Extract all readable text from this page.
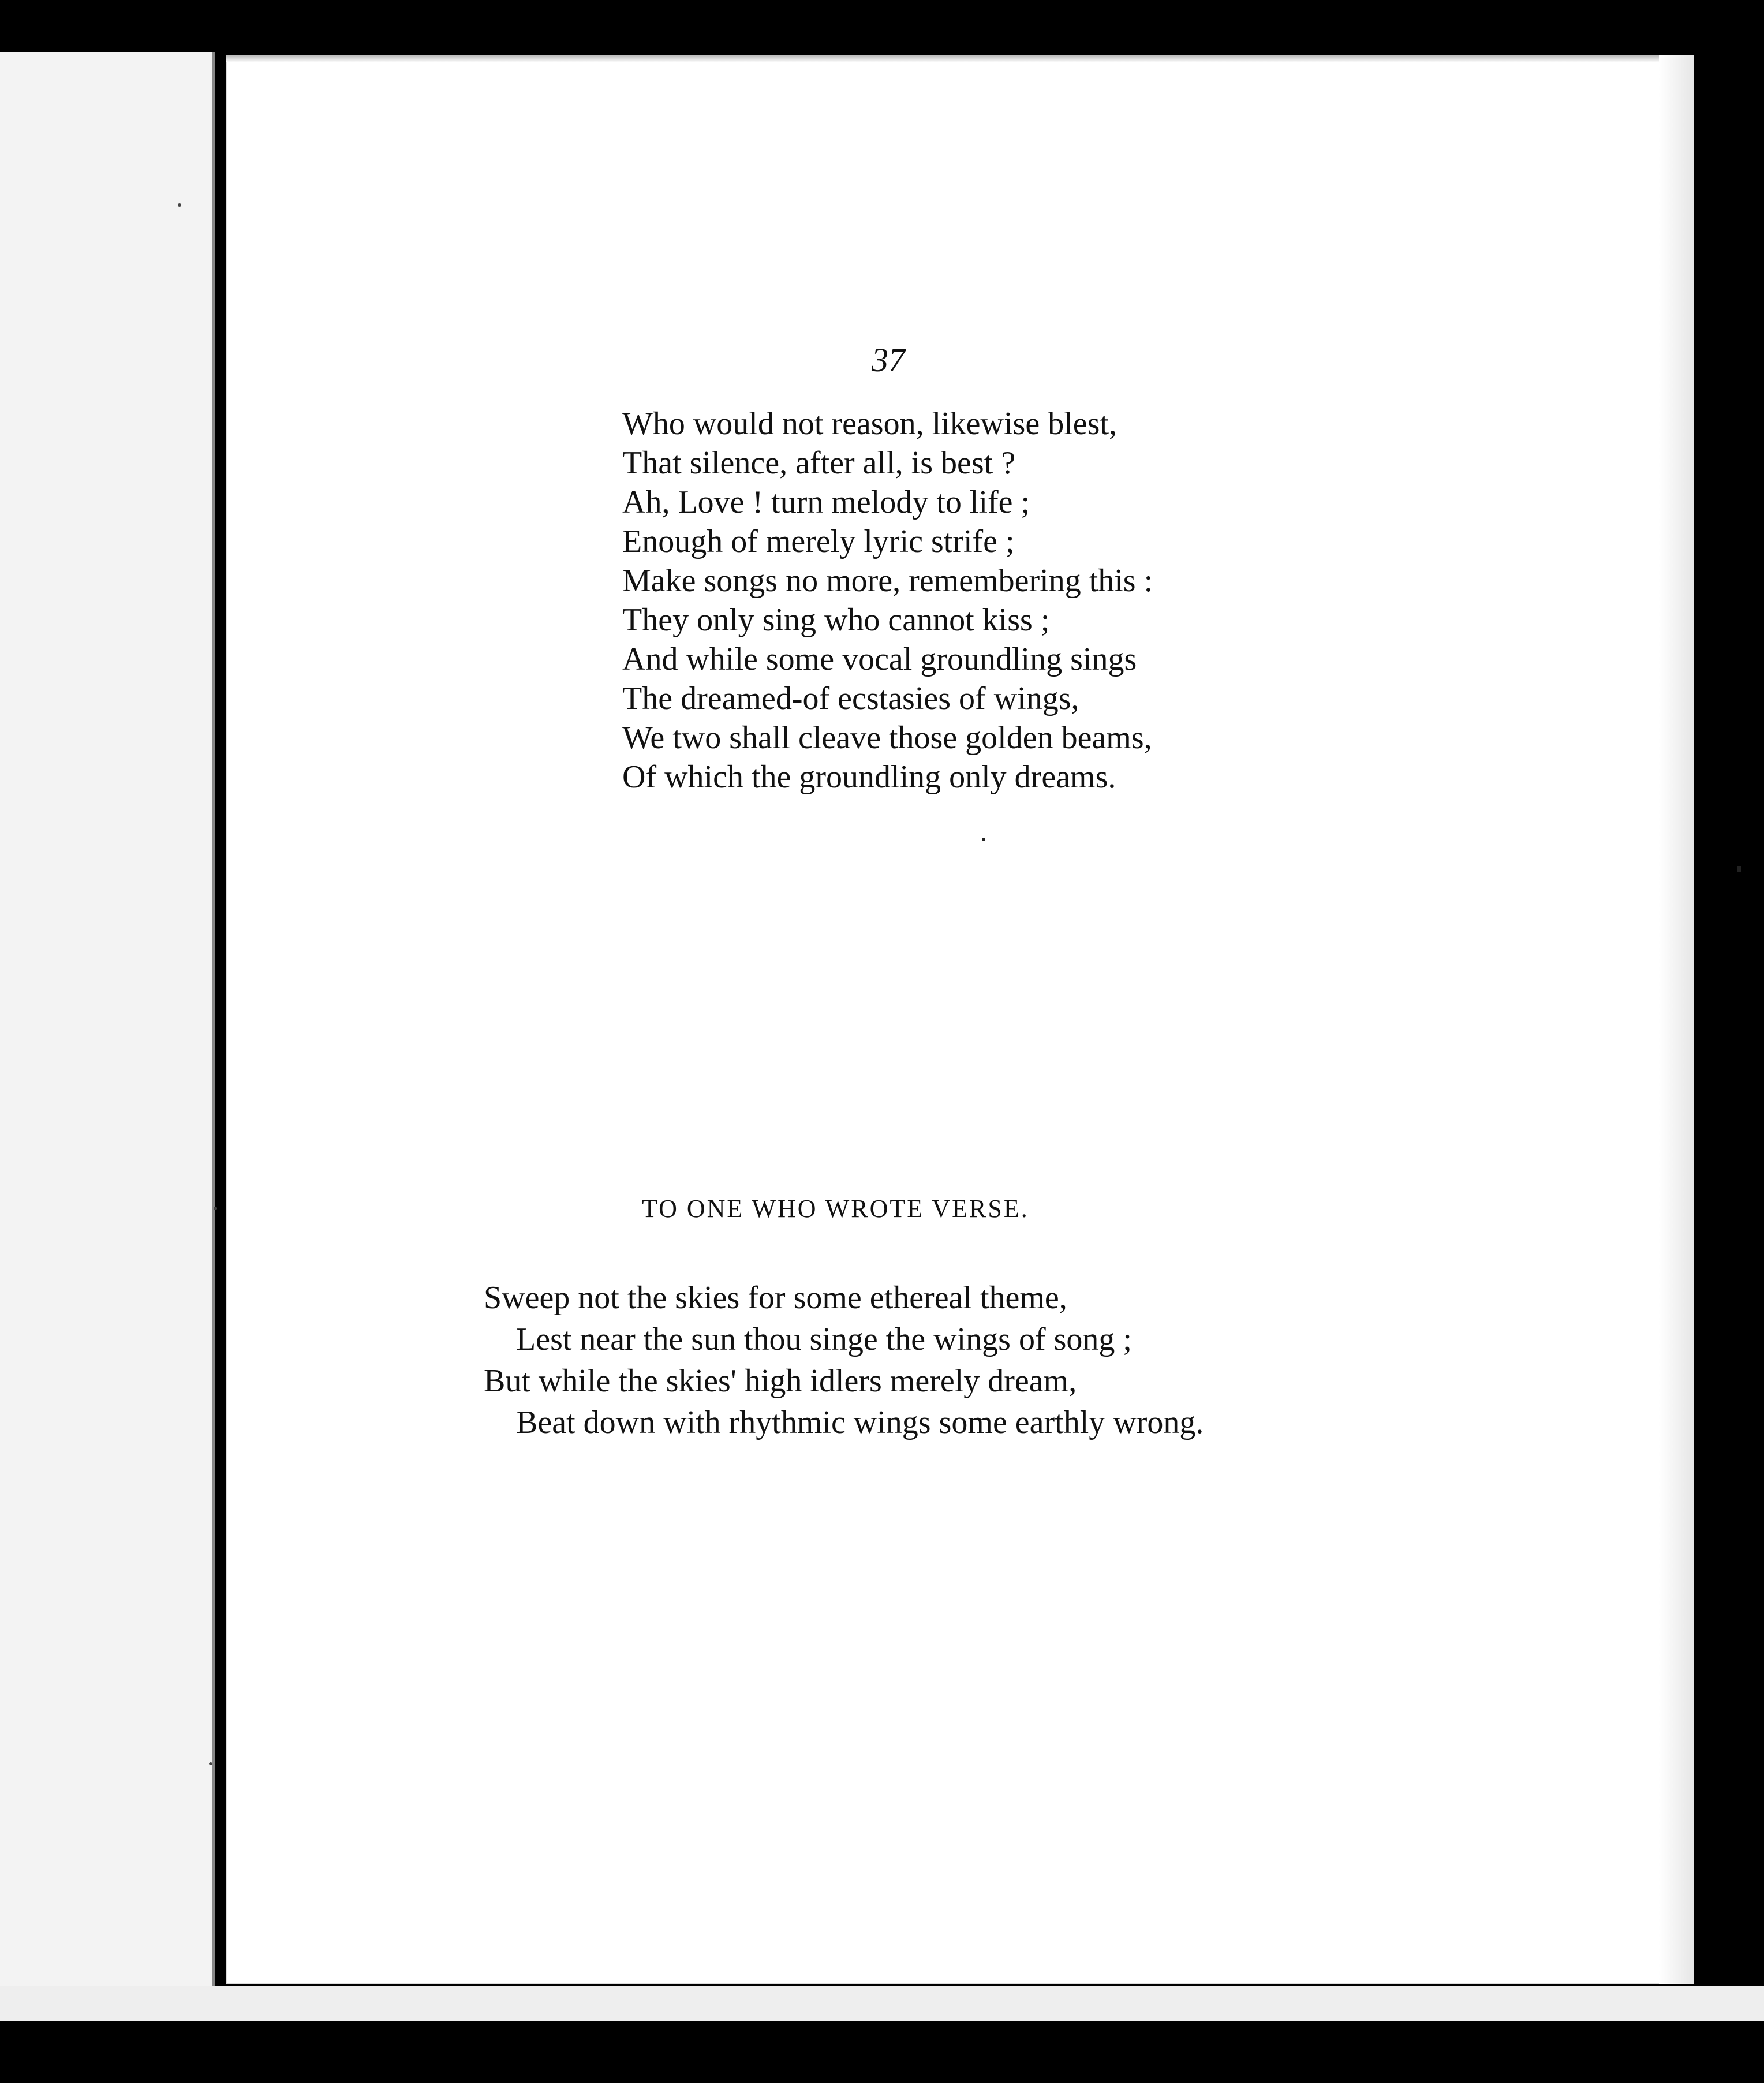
37
Who would not reason, likewise blest,
That silence, after all, is best ?
Ah, Love ! turn melody to life ;
Enough of merely lyric strife ;
Make songs no more, remembering this :
They only sing who cannot kiss ;
And while some vocal groundling sings
The dreamed-of ecstasies of wings,
We two shall cleave those golden beams,
Of which the groundling only dreams.
TO ONE WHO WROTE VERSE.
Sweep not the skies for some ethereal theme,
Lest near the sun thou singe the wings of song ;
But while the skies' high idlers merely dream,
Beat down with rhythmic wings some earthly wrong.
